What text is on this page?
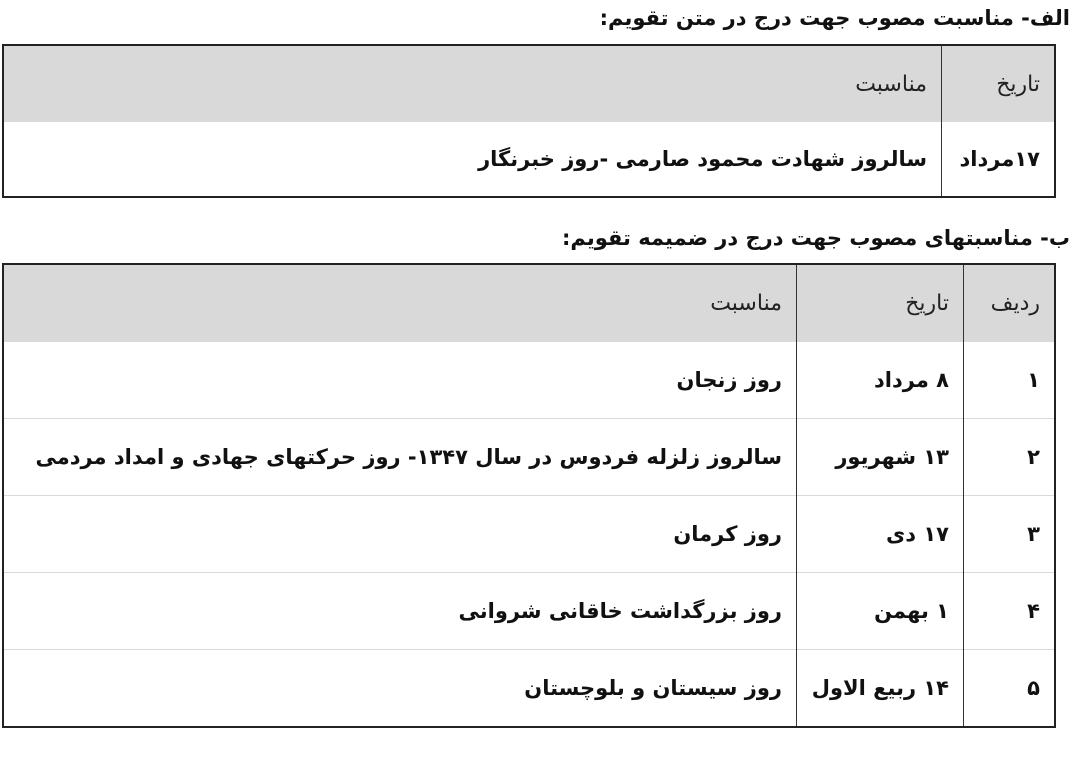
الف- مناسبت مصوب جهت درج در متن تقویم:
تاریخ	مناسبت
۱۷مرداد	سالروز شهادت محمود صارمی -روز خبرنگار
ب- مناسبتهای مصوب جهت درج در ضمیمه تقویم:
ردیف	تاریخ	مناسبت
۱	۸ مرداد	روز زنجان
۲	۱۳ شهریور	سالروز زلزله فردوس در سال ۱۳۴۷- روز حرکتهای جهادی و امداد مردمی
۳	۱۷ دی	روز کرمان
۴	۱ بهمن	روز بزرگداشت خاقانی شروانی
۵	۱۴ ربیع الاول	روز سیستان و بلوچستان
